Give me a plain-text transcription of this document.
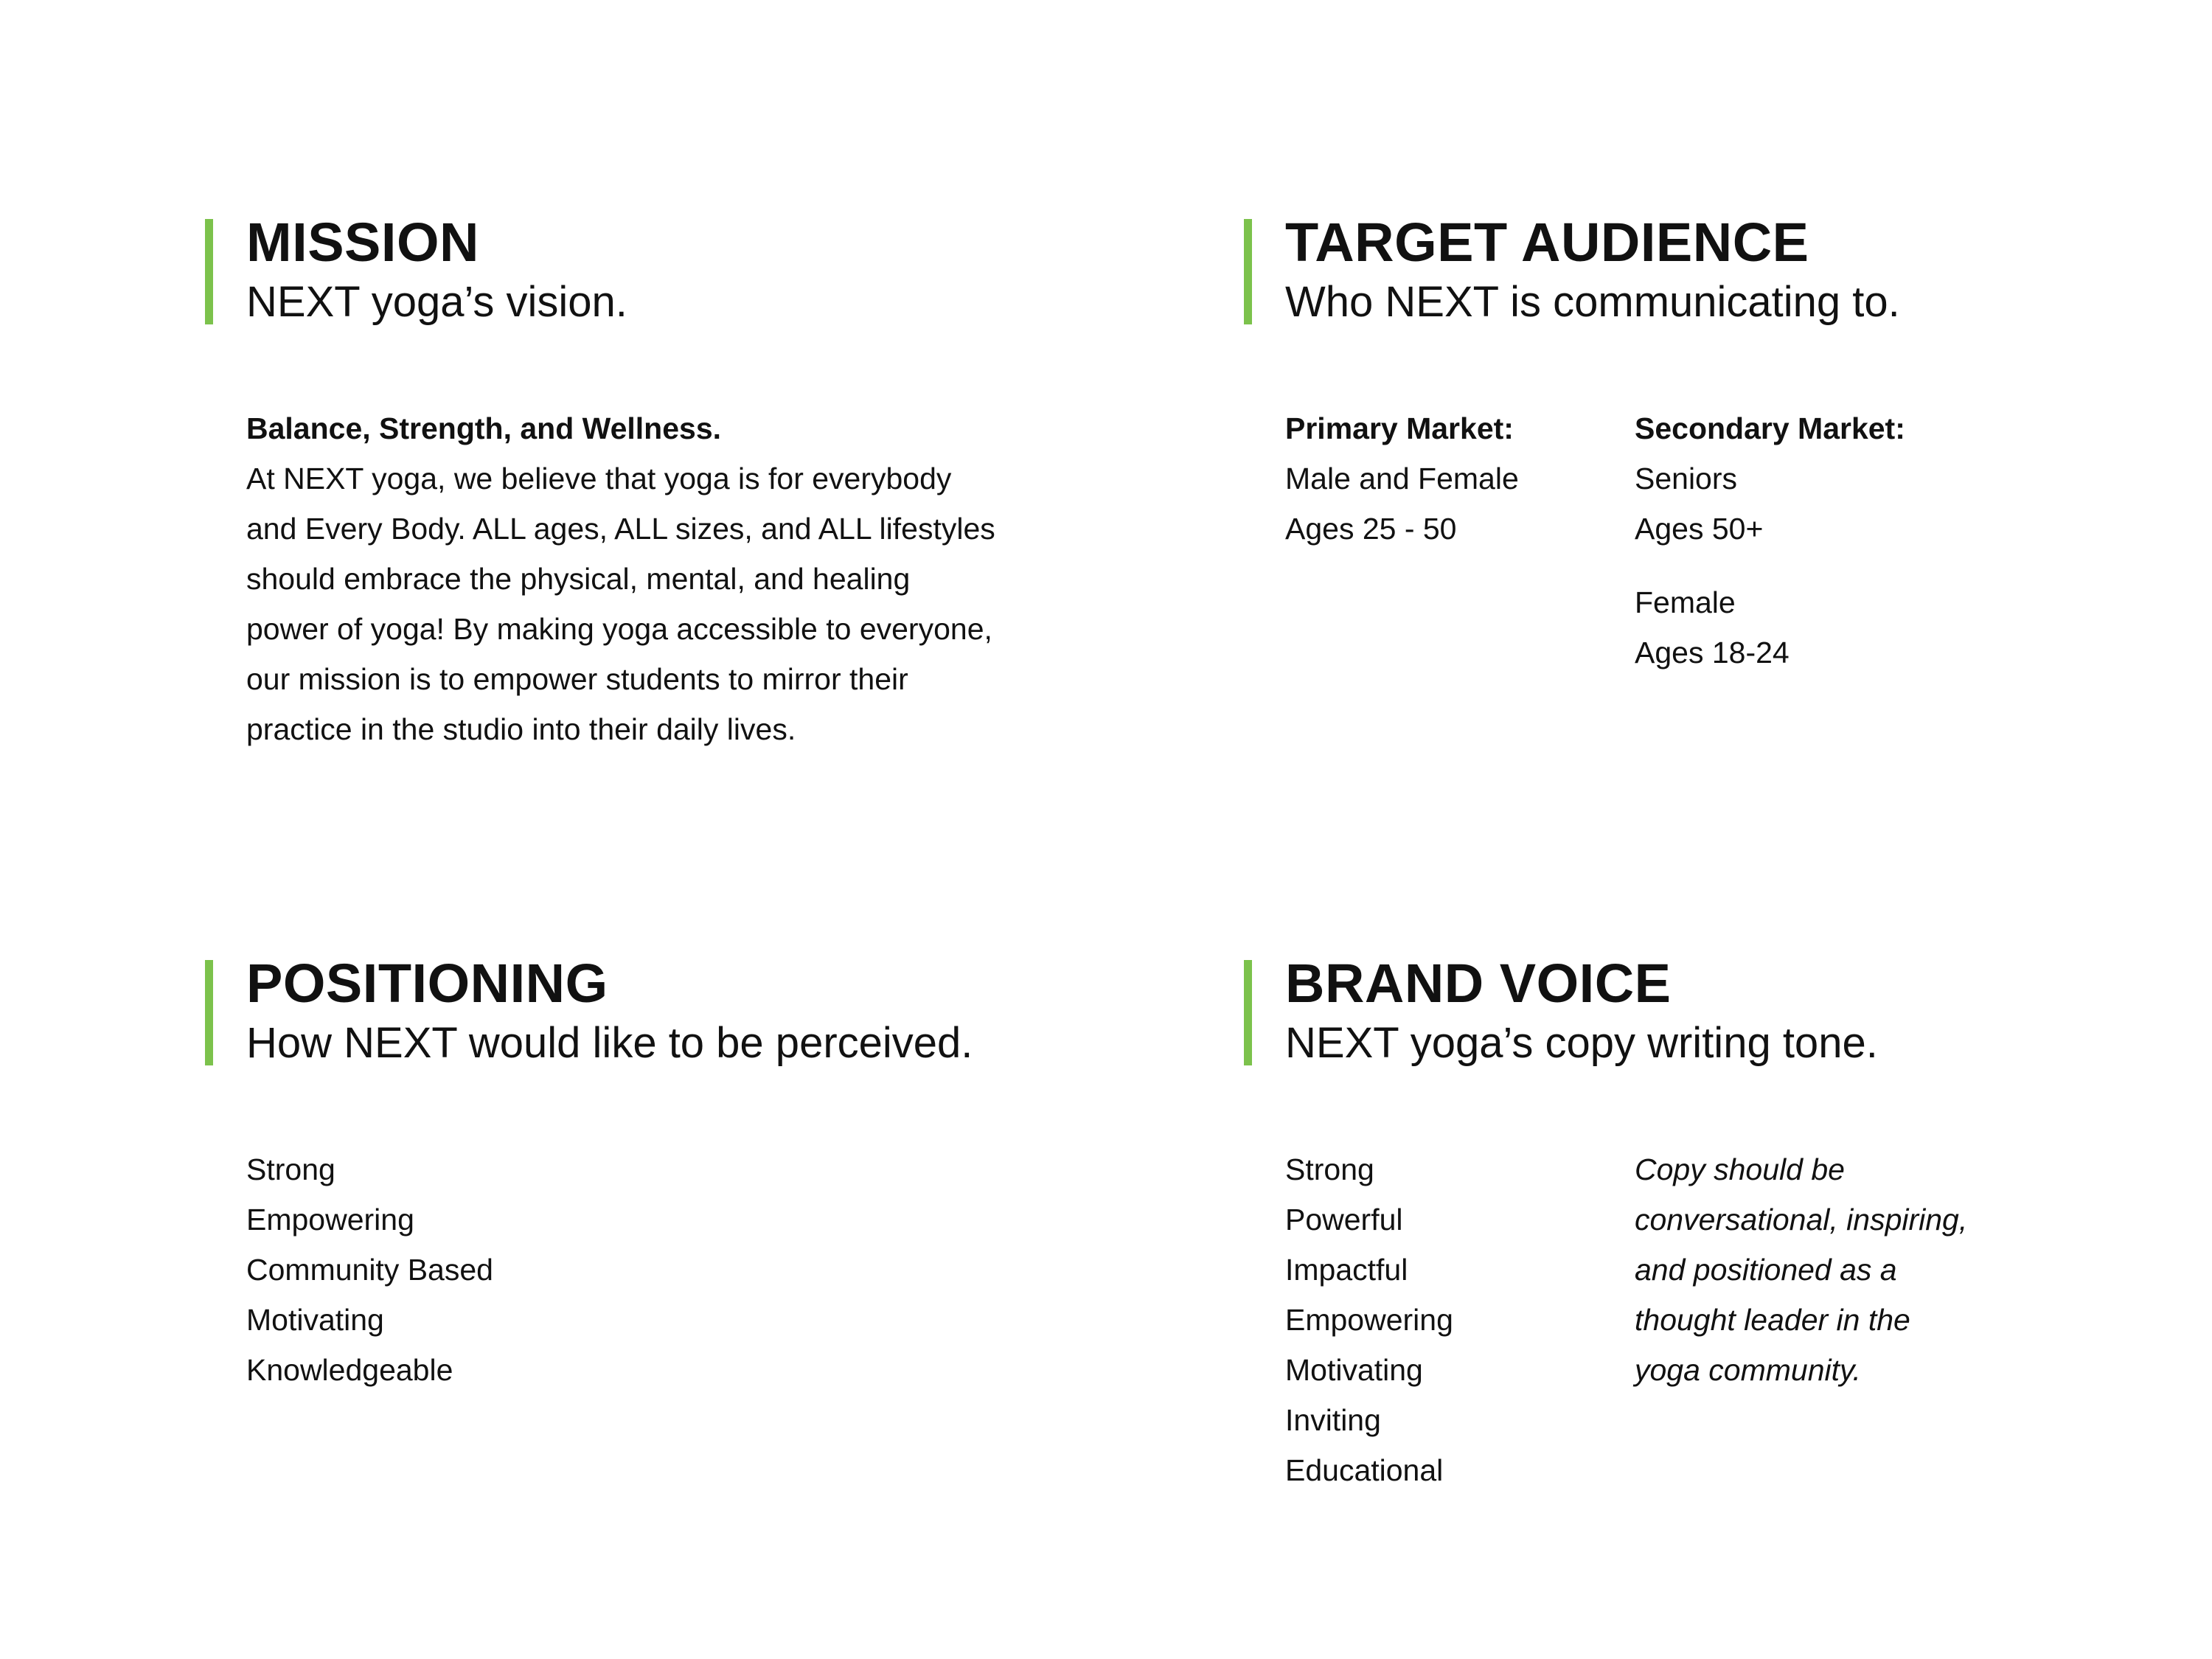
MISSION

NEXT yoga’s vision.

Balance, Strength, and Wellness.
At NEXT yoga, we believe that yoga is for everybody
and Every Body. ALL ages, ALL sizes, and ALL lifestyles
should embrace the physical, mental, and healing
power of yoga! By making yoga accessible to everyone,
our mission is to empower students to mirror their
practice in the studio into their daily lives.
TARGET AUDIENCE

Who NEXT is communicating to.

Primary Market:
Male and Female
Ages 25 - 50
Secondary Market:
Seniors
Ages 50+
Female
Ages 18-24
POSITIONING

How NEXT would like to be perceived.

Strong
Empowering
Community Based
Motivating
Knowledgeable
BRAND VOICE

NEXT yoga’s copy writing tone.

Strong
Powerful
Impactful
Empowering
Motivating
Inviting
Educational
Copy should be
conversational, inspiring,
and positioned as a
thought leader in the
yoga community.
